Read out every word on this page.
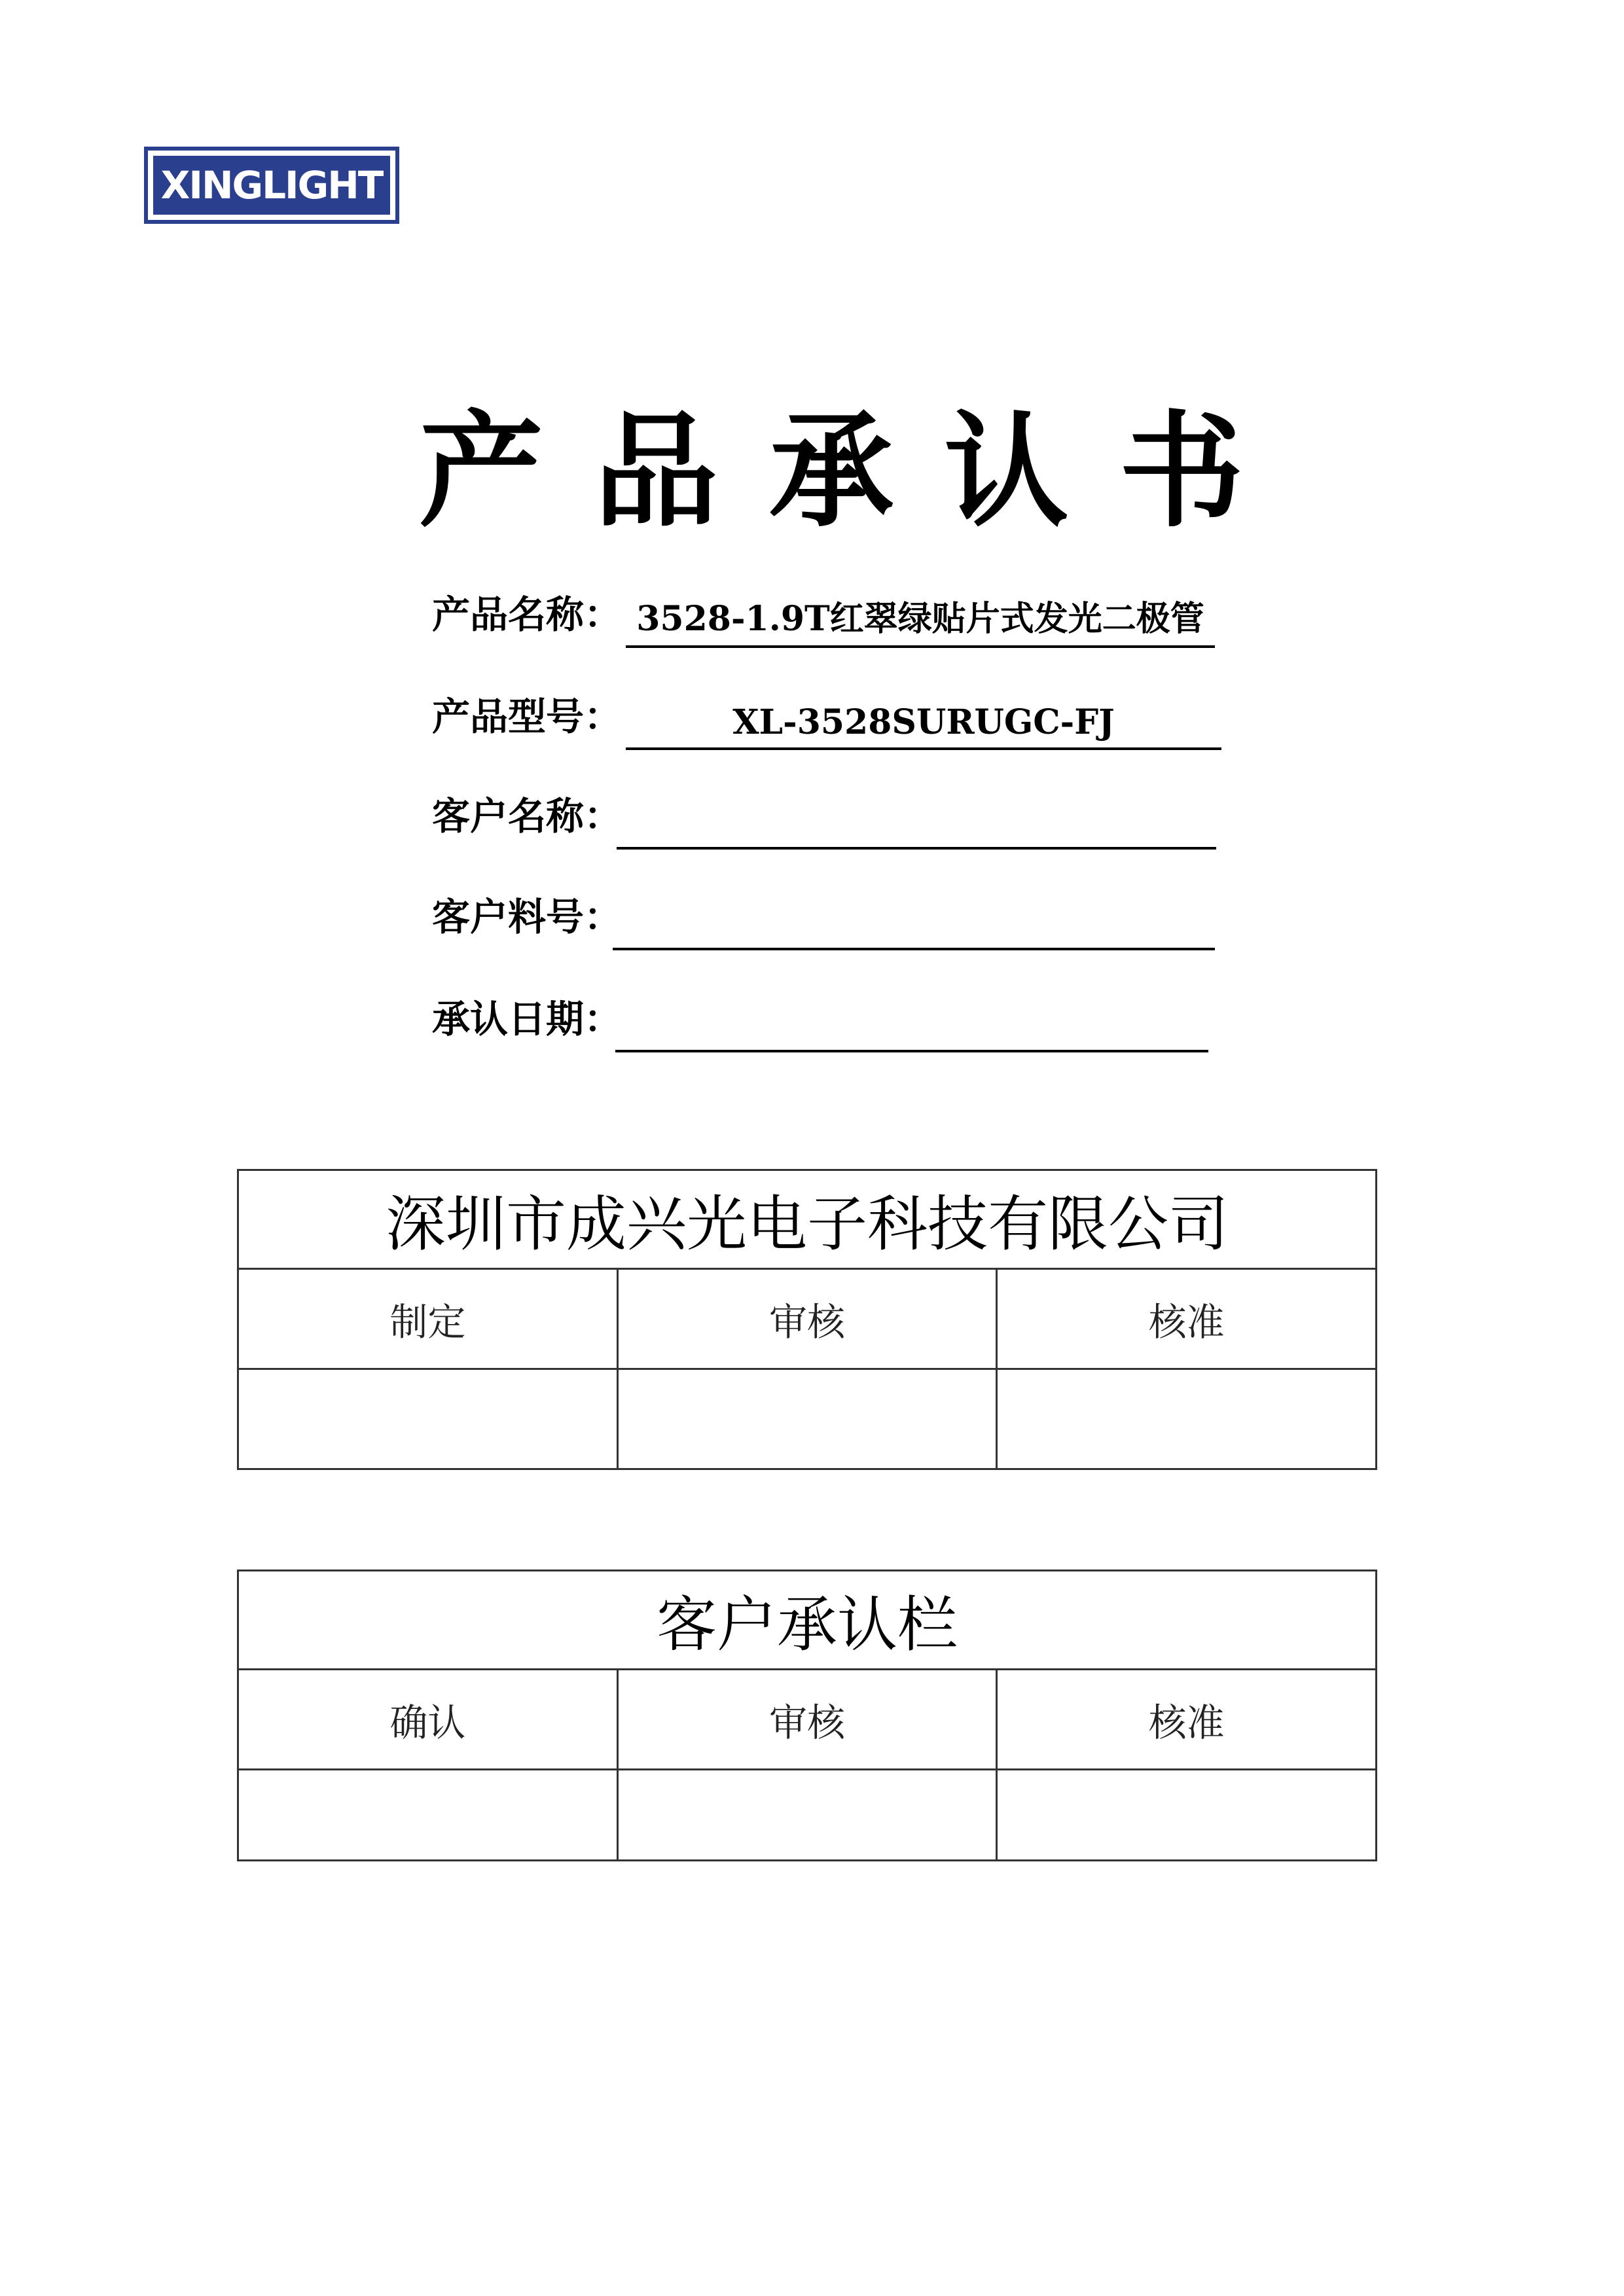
XINGLIGHT
产 品 承 认 书
产品名称： 3528-1.9T红翠绿贴片式发光二极管
产品型号：	XL-3528SURUGC-FJ
客户名称：
客户料号：
承认日期：
深圳市成兴光电子科技有限公司		
制定	审核	核准

客户承认栏		
确认	审核	核准
